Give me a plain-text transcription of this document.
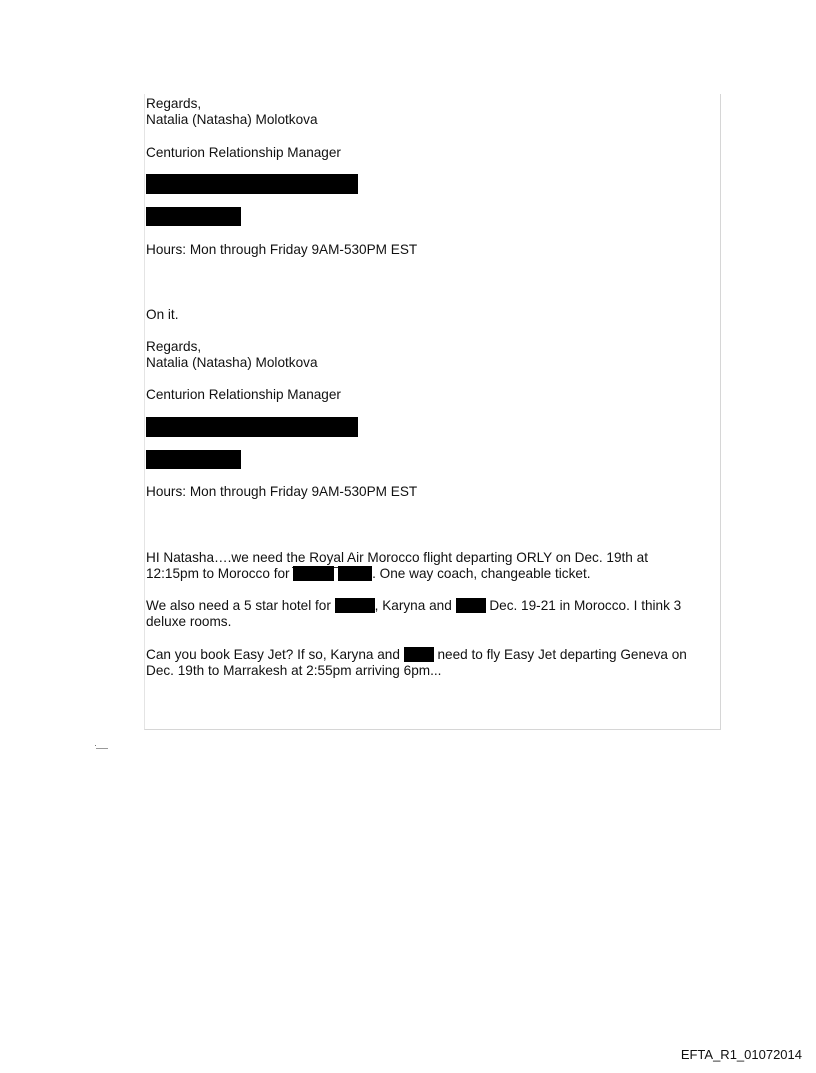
Regards,

Natalia (Natasha) Molotkova

Centurion Relationship Manager

Hours: Mon through Friday 9AM-530PM EST

On it.

Regards,

Natalia (Natasha) Molotkova

Centurion Relationship Manager

Hours: Mon through Friday 9AM-530PM EST

HI Natasha….we need the Royal Air Morocco flight departing ORLY on Dec. 19th at

12:15pm to Morocco for	. One way coach, changeable ticket.

We also need a 5 star hotel for	, Karyna and	Dec. 19-21 in Morocco. I think 3

deluxe rooms.

Can you book Easy Jet? If so, Karyna and	need to fly Easy Jet departing Geneva on

Dec. 19th to Marrakesh at 2:55pm arriving 6pm...

EFTA_R1_01072014
